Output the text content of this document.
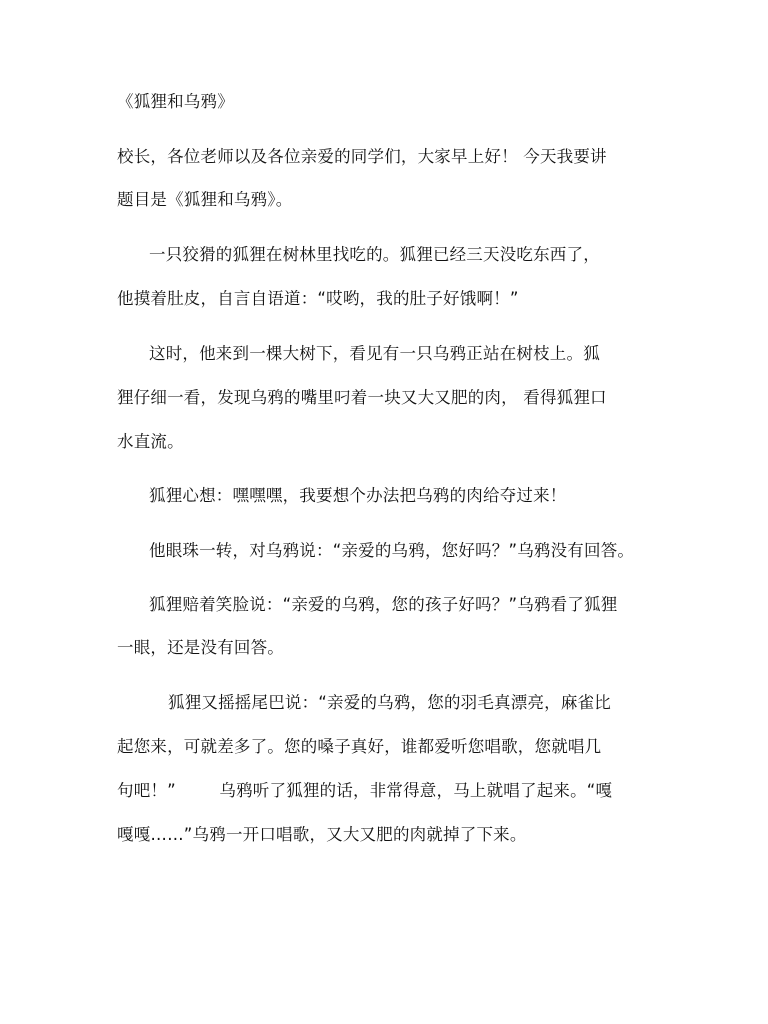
《狐狸和乌鸦》
校长，各位老师以及各位亲爱的同学们，大家早上好！ 今天我要讲
题目是《狐狸和乌鸦》。
一只狡猾的狐狸在树林里找吃的。狐狸已经三天没吃东西了，
他摸着肚皮，自言自语道：“哎哟，我的肚子好饿啊！”
这时，他来到一棵大树下，看见有一只乌鸦正站在树枝上。狐
狸仔细一看，发现乌鸦的嘴里叼着一块又大又肥的肉， 看得狐狸口
水直流。
狐狸心想：嘿嘿嘿，我要想个办法把乌鸦的肉给夺过来！
他眼珠一转，对乌鸦说：“亲爱的乌鸦，您好吗？”乌鸦没有回答。
狐狸赔着笑脸说：“亲爱的乌鸦，您的孩子好吗？”乌鸦看了狐狸
一眼，还是没有回答。
狐狸又摇摇尾巴说：“亲爱的乌鸦，您的羽毛真漂亮，麻雀比
起您来，可就差多了。您的嗓子真好，谁都爱听您唱歌，您就唱几
句吧！”        乌鸦听了狐狸的话，非常得意，马上就唱了起来。“嘎
嘎嘎……”乌鸦一开口唱歌，又大又肥的肉就掉了下来。
